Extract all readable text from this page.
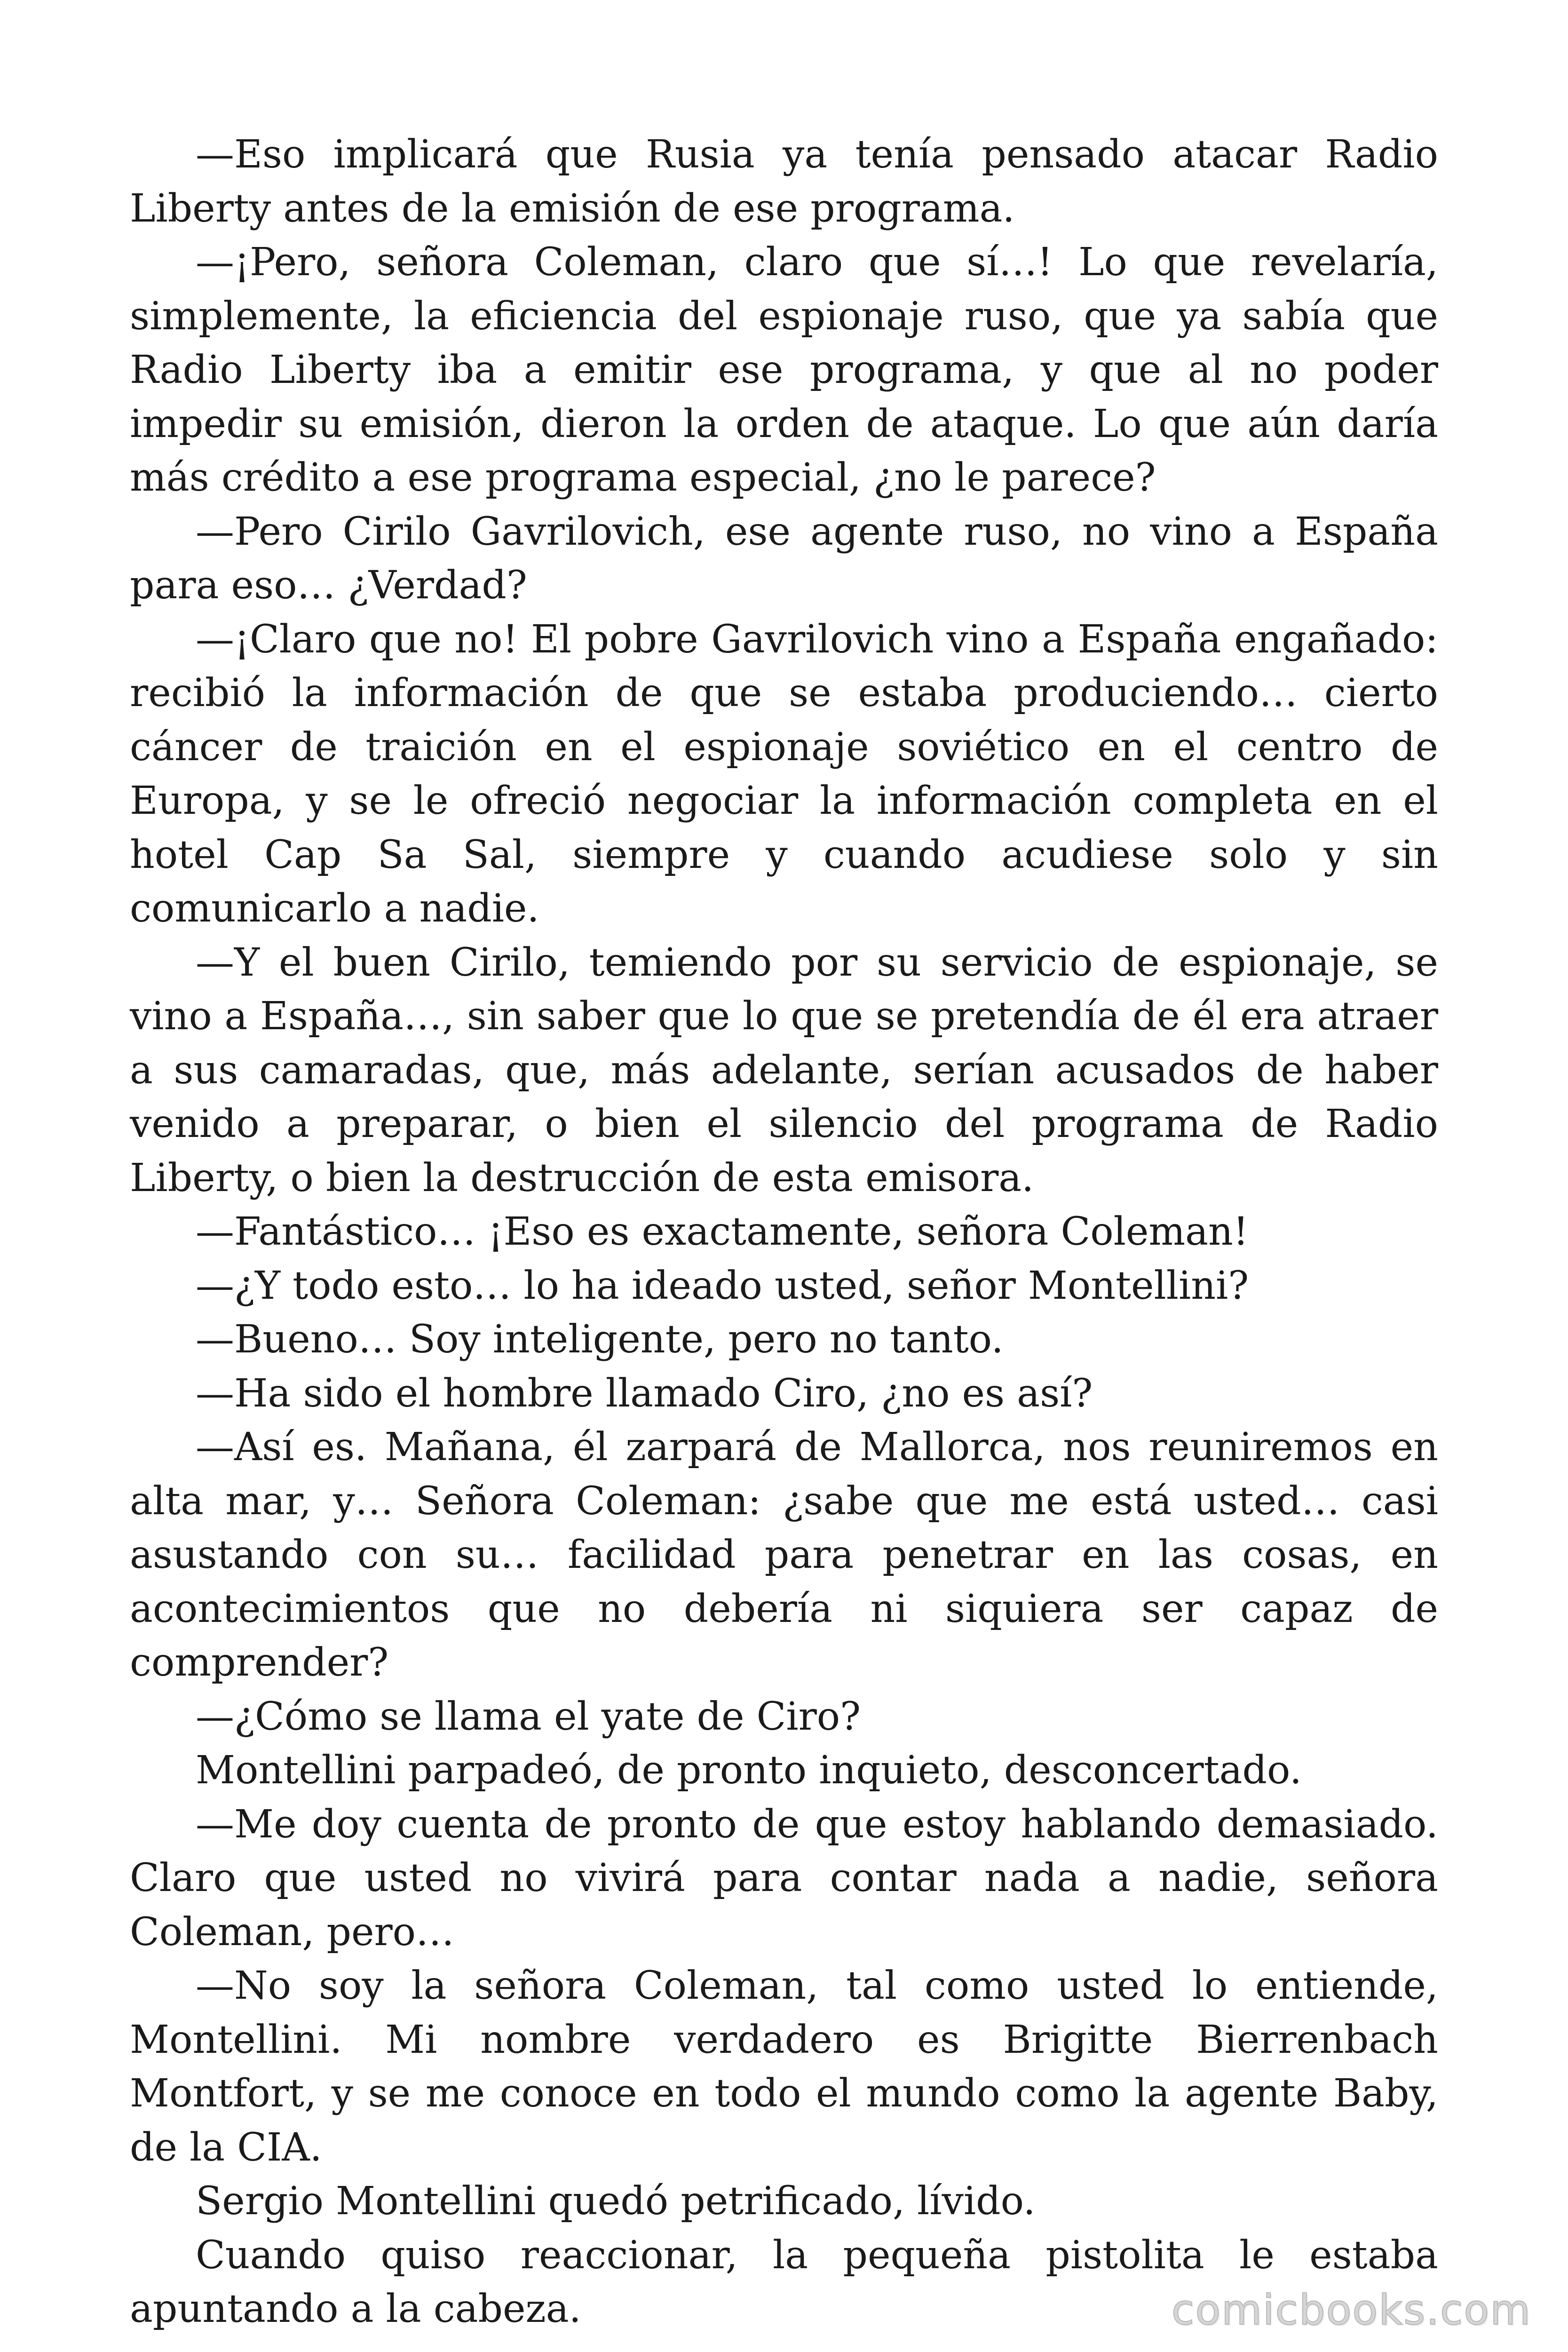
—Eso implicará que Rusia ya tenía pensado atacar Radio Liberty antes de la emisión de ese programa.

—¡Pero, señora Coleman, claro que sí…! Lo que revelaría, simplemente, la eficiencia del espionaje ruso, que ya sabía que Radio Liberty iba a emitir ese programa, y que al no poder impedir su emisión, dieron la orden de ataque. Lo que aún daría más crédito a ese programa especial, ¿no le parece?

—Pero Cirilo Gavrilovich, ese agente ruso, no vino a España para eso… ¿Verdad?

—¡Claro que no! El pobre Gavrilovich vino a España engañado: recibió la información de que se estaba produciendo… cierto cáncer de traición en el espionaje soviético en el centro de Europa, y se le ofreció negociar la información completa en el hotel Cap Sa Sal, siempre y cuando acudiese solo y sin comunicarlo a nadie.

—Y el buen Cirilo, temiendo por su servicio de espionaje, se vino a España…, sin saber que lo que se pretendía de él era atraer a sus camaradas, que, más adelante, serían acusados de haber venido a preparar, o bien el silencio del programa de Radio Liberty, o bien la destrucción de esta emisora.

—Fantástico… ¡Eso es exactamente, señora Coleman!

—¿Y todo esto… lo ha ideado usted, señor Montellini?

—Bueno… Soy inteligente, pero no tanto.

—Ha sido el hombre llamado Ciro, ¿no es así?

—Así es. Mañana, él zarpará de Mallorca, nos reuniremos en alta mar, y… Señora Coleman: ¿sabe que me está usted… casi asustando con su… facilidad para penetrar en las cosas, en acontecimientos que no debería ni siquiera ser capaz de comprender?

—¿Cómo se llama el yate de Ciro?

Montellini parpadeó, de pronto inquieto, desconcertado.

—Me doy cuenta de pronto de que estoy hablando demasiado. Claro que usted no vivirá para contar nada a nadie, señora Coleman, pero…

—No soy la señora Coleman, tal como usted lo entiende, Montellini. Mi nombre verdadero es Brigitte Bierrenbach Montfort, y se me conoce en todo el mundo como la agente Baby, de la CIA.

Sergio Montellini quedó petrificado, lívido.

Cuando quiso reaccionar, la pequeña pistolita le estaba apuntando a la cabeza.	comicbooks.com
